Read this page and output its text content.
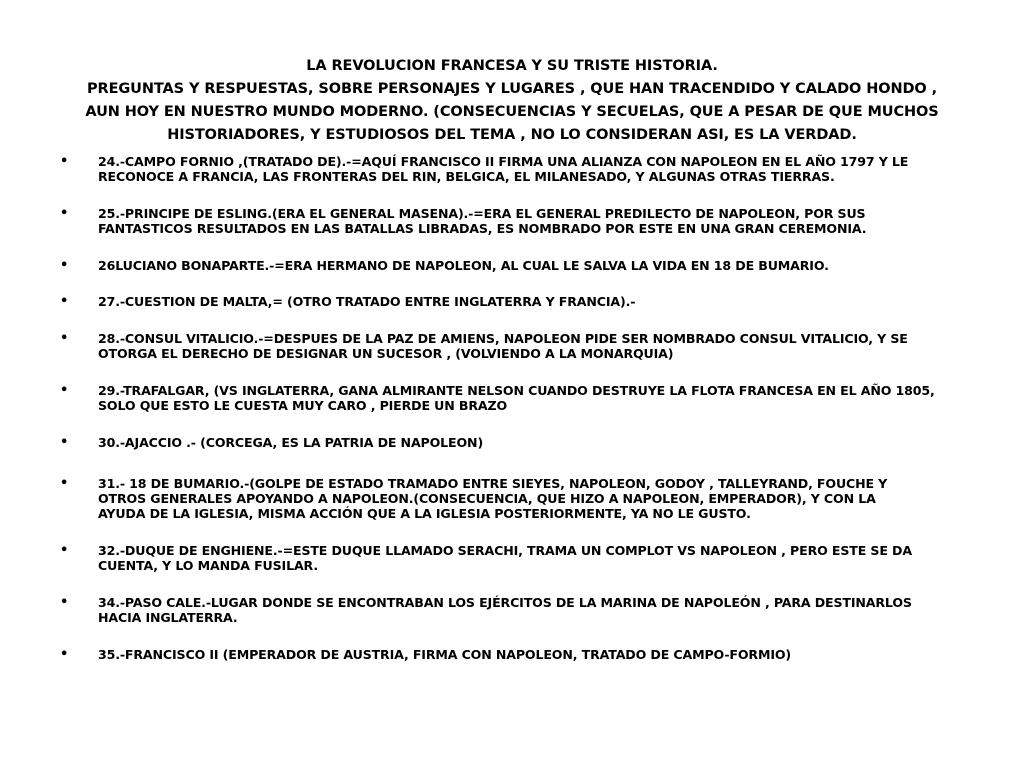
LA REVOLUCION FRANCESA Y SU TRISTE HISTORIA.
PREGUNTAS Y RESPUESTAS, SOBRE PERSONAJES Y LUGARES , QUE HAN TRACENDIDO Y CALADO HONDO ,
AUN HOY EN NUESTRO MUNDO MODERNO. (CONSECUENCIAS Y SECUELAS, QUE A PESAR DE QUE MUCHOS
HISTORIADORES, Y ESTUDIOSOS DEL TEMA , NO LO CONSIDERAN ASI, ES LA VERDAD.
• 24.-CAMPO FORNIO ,(TRATADO DE).-=AQUÍ FRANCISCO II FIRMA UNA ALIANZA CON NAPOLEON EN EL AÑO 1797 Y LE
RECONOCE A FRANCIA, LAS FRONTERAS DEL RIN, BELGICA, EL MILANESADO, Y ALGUNAS OTRAS TIERRAS.
• 25.-PRINCIPE DE ESLING.(ERA EL GENERAL MASENA).-=ERA EL GENERAL PREDILECTO DE NAPOLEON, POR SUS
FANTASTICOS RESULTADOS EN LAS BATALLAS LIBRADAS, ES NOMBRADO POR ESTE EN UNA GRAN CEREMONIA.
• 26LUCIANO BONAPARTE.-=ERA HERMANO DE NAPOLEON, AL CUAL LE SALVA LA VIDA EN 18 DE BUMARIO.
• 27.-CUESTION DE MALTA,= (OTRO TRATADO ENTRE INGLATERRA Y FRANCIA).-
• 28.-CONSUL VITALICIO.-=DESPUES DE LA PAZ DE AMIENS, NAPOLEON PIDE SER NOMBRADO CONSUL VITALICIO, Y SE
OTORGA EL DERECHO DE DESIGNAR UN SUCESOR , (VOLVIENDO A LA MONARQUIA)
• 29.-TRAFALGAR, (VS INGLATERRA, GANA ALMIRANTE NELSON CUANDO DESTRUYE LA FLOTA FRANCESA EN EL AÑO 1805,
SOLO QUE ESTO LE CUESTA MUY CARO , PIERDE UN BRAZO
• 30.-AJACCIO .- (CORCEGA, ES LA PATRIA DE NAPOLEON)
• 31.- 18 DE BUMARIO.-(GOLPE DE ESTADO TRAMADO ENTRE SIEYES, NAPOLEON, GODOY , TALLEYRAND, FOUCHE Y
OTROS GENERALES APOYANDO A NAPOLEON.(CONSECUENCIA, QUE HIZO A NAPOLEON, EMPERADOR), Y CON LA
AYUDA DE LA IGLESIA, MISMA ACCIÓN QUE A LA IGLESIA POSTERIORMENTE, YA NO LE GUSTO.
• 32.-DUQUE DE ENGHIENE.-=ESTE DUQUE LLAMADO SERACHI, TRAMA UN COMPLOT VS NAPOLEON , PERO ESTE SE DA
CUENTA, Y LO MANDA FUSILAR.
• 34.-PASO CALE.-LUGAR DONDE SE ENCONTRABAN LOS EJÉRCITOS DE LA MARINA DE NAPOLEÓN , PARA DESTINARLOS
HACIA INGLATERRA.
• 35.-FRANCISCO II (EMPERADOR DE AUSTRIA, FIRMA CON NAPOLEON, TRATADO DE CAMPO-FORMIO)
